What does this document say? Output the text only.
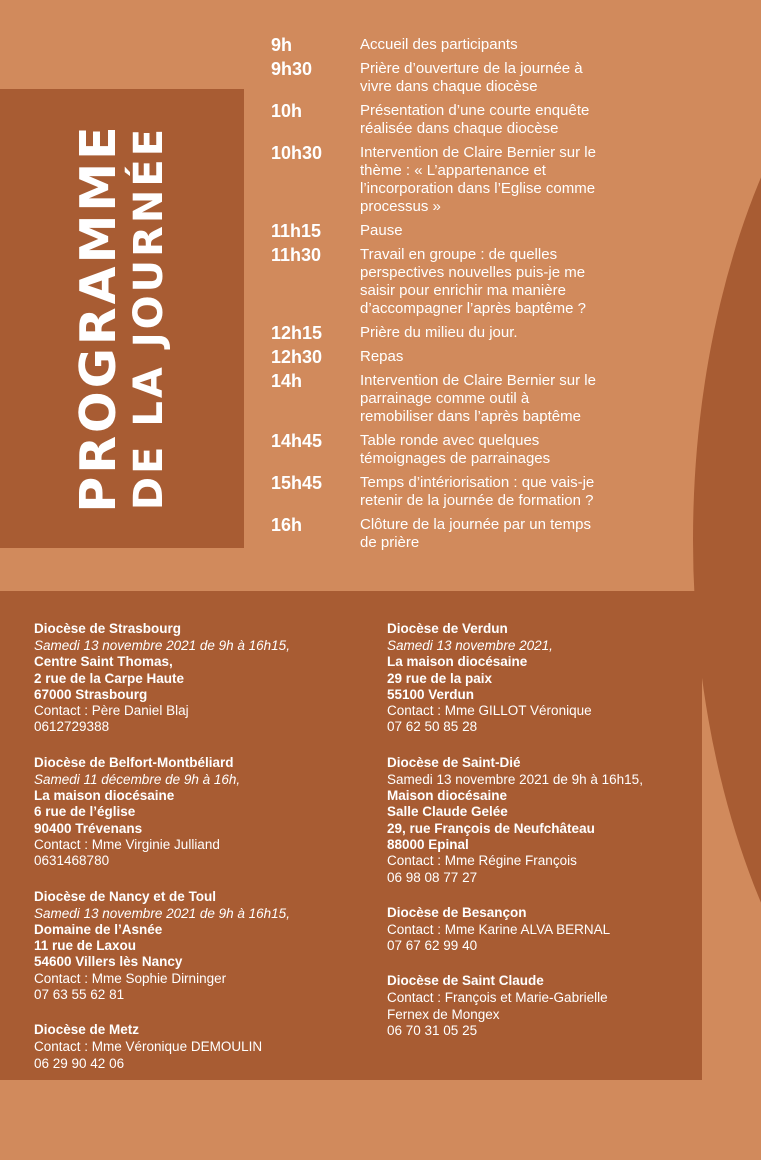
PROGRAMME
DE LA JOURNÉE
9h	Accueil des participants
9h30	Prière d’ouverture de la journée à
vivre dans chaque diocèse
10h	Présentation d’une courte enquête
réalisée dans chaque diocèse
10h30	Intervention de Claire Bernier sur le
thème : « L’appartenance et
l’incorporation dans l’Eglise comme
processus »
11h15	Pause
11h30	Travail en groupe : de quelles
perspectives nouvelles puis-je me
saisir pour enrichir ma manière
d’accompagner l’après baptême ?
12h15	Prière du milieu du jour.
12h30	Repas
14h	Intervention de Claire Bernier sur le
parrainage comme outil à
remobiliser dans l’après baptême
14h45	Table ronde avec quelques
témoignages de parrainages
15h45	Temps d’intériorisation : que vais-je
retenir de la journée de formation ?
16h	Clôture de la journée par un temps
de prière
Diocèse de Strasbourg
Samedi 13 novembre 2021 de 9h à 16h15,
Centre Saint Thomas,
2 rue de la Carpe Haute
67000 Strasbourg
Contact : Père Daniel Blaj
0612729388
Diocèse de Belfort-Montbéliard
Samedi 11 décembre de 9h à 16h,
La maison diocésaine
6 rue de l’église
90400 Trévenans
Contact : Mme Virginie Julliand
0631468780
Diocèse de Nancy et de Toul
Samedi 13 novembre 2021 de 9h à 16h15,
Domaine de l’Asnée
11 rue de Laxou
54600 Villers lès Nancy
Contact : Mme Sophie Dirninger
07 63 55 62 81
Diocèse de Metz
Contact : Mme Véronique DEMOULIN
06 29 90 42 06
Diocèse de Verdun
Samedi 13 novembre 2021,
La maison diocésaine
29 rue de la paix
55100 Verdun
Contact : Mme GILLOT Véronique
07 62 50 85 28
Diocèse de Saint-Dié
Samedi 13 novembre 2021 de 9h à 16h15,
Maison diocésaine
Salle Claude Gelée
29, rue François de Neufchâteau
88000 Epinal
Contact : Mme Régine François
06 98 08 77 27
Diocèse de Besançon
Contact : Mme Karine ALVA BERNAL
07 67 62 99 40
Diocèse de Saint Claude
Contact : François et Marie-Gabrielle
Fernex de Mongex
06 70 31 05 25
